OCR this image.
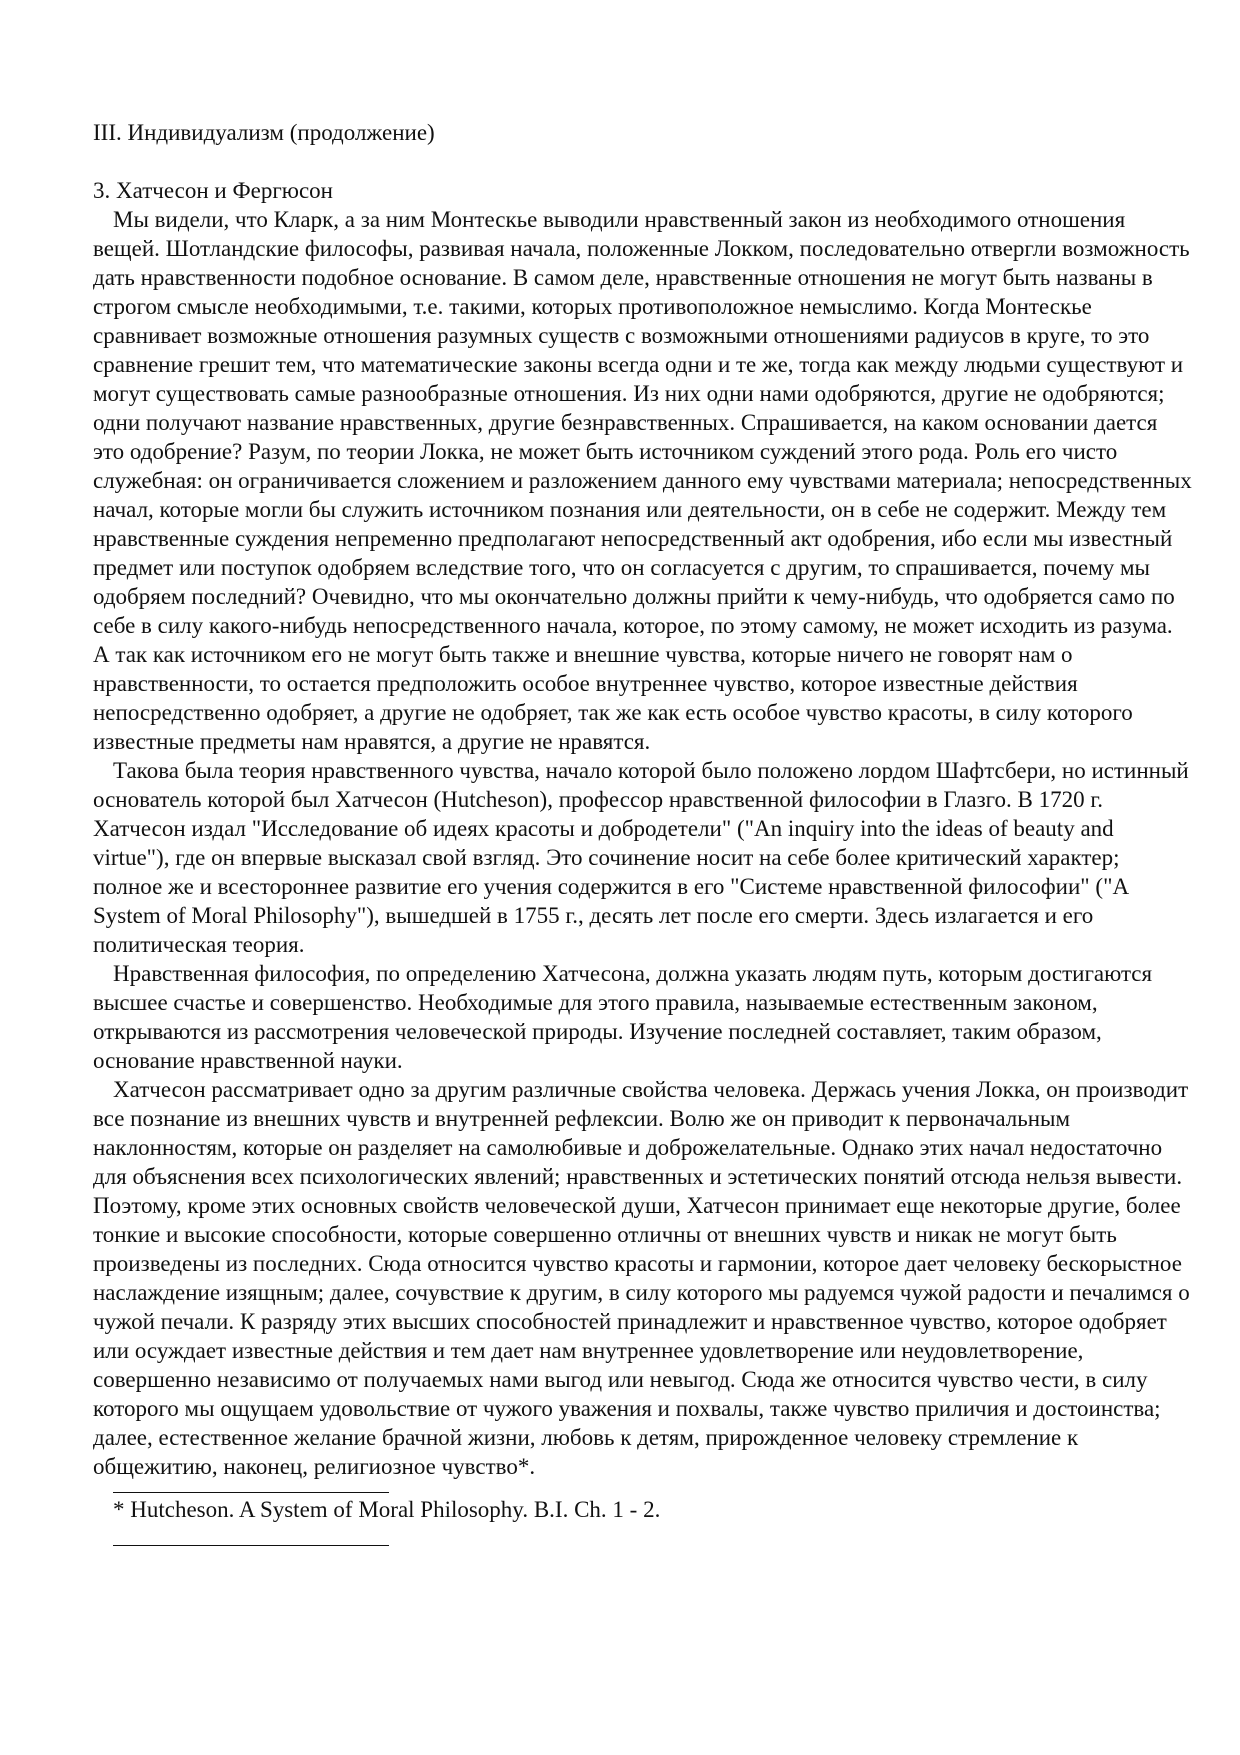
III. Индивидуализм (продолжение)
3. Хатчесон и Фергюсон

Мы видели, что Кларк, а за ним Монтескье выводили нравственный закон из необходимого отношения вещей. Шотландские философы, развивая начала, положенные Локком, последовательно отвергли возможность дать нравственности подобное основание. В самом деле, нравственные отношения не могут быть названы в строгом смысле необходимыми, т.е. такими, которых противоположное немыслимо. Когда Монтескье сравнивает возможные отношения разумных существ с возможными отношениями радиусов в круге, то это сравнение грешит тем, что математические законы всегда одни и те же, тогда как между людьми существуют и могут существовать самые разнообразные отношения. Из них одни нами одобряются, другие не одобряются; одни получают название нравственных, другие безнравственных. Спрашивается, на каком основании дается это одобрение? Разум, по теории Локка, не может быть источником суждений этого рода. Роль его чисто служебная: он ограничивается сложением и разложением данного ему чувствами материала; непосредственных начал, которые могли бы служить источником познания или деятельности, он в себе не содержит. Между тем нравственные суждения непременно предполагают непосредственный акт одобрения, ибо если мы известный предмет или поступок одобряем вследствие того, что он согласуется с другим, то спрашивается, почему мы одобряем последний? Очевидно, что мы окончательно должны прийти к чему-нибудь, что одобряется само по себе в силу какого-нибудь непосредственного начала, которое, по этому самому, не может исходить из разума. А так как источником его не могут быть также и внешние чувства, которые ничего не говорят нам о нравственности, то остается предположить особое внутреннее чувство, которое известные действия непосредственно одобряет, а другие не одобряет, так же как есть особое чувство красоты, в силу которого известные предметы нам нравятся, а другие не нравятся.

Такова была теория нравственного чувства, начало которой было положено лордом Шафтсбери, но истинный основатель которой был Хатчесон (Hutcheson), профессор нравственной философии в Глазго. В 1720 г. Хатчесон издал "Исследование об идеях красоты и добродетели" ("An inquiry into the ideas of beauty and virtue"), где он впервые высказал свой взгляд. Это сочинение носит на себе более критический характер; полное же и всестороннее развитие его учения содержится в его "Системе нравственной философии" ("A System of Moral Philosophy"), вышедшей в 1755 г., десять лет после его смерти. Здесь излагается и его политическая теория.

Нравственная философия, по определению Хатчесона, должна указать людям путь, которым достигаются высшее счастье и совершенство. Необходимые для этого правила, называемые естественным законом, открываются из рассмотрения человеческой природы. Изучение последней составляет, таким образом, основание нравственной науки.

Хатчесон рассматривает одно за другим различные свойства человека. Держась учения Локка, он производит все познание из внешних чувств и внутренней рефлексии. Волю же он приводит к первоначальным наклонностям, которые он разделяет на самолюбивые и доброжелательные. Однако этих начал недостаточно для объяснения всех психологических явлений; нравственных и эстетических понятий отсюда нельзя вывести. Поэтому, кроме этих основных свойств человеческой души, Хатчесон принимает еще некоторые другие, более тонкие и высокие способности, которые совершенно отличны от внешних чувств и никак не могут быть произведены из последних. Сюда относится чувство красоты и гармонии, которое дает человеку бескорыстное наслаждение изящным; далее, сочувствие к другим, в силу которого мы радуемся чужой радости и печалимся о чужой печали. К разряду этих высших способностей принадлежит и нравственное чувство, которое одобряет или осуждает известные действия и тем дает нам внутреннее удовлетворение или неудовлетворение, совершенно независимо от получаемых нами выгод или невыгод. Сюда же относится чувство чести, в силу которого мы ощущаем удовольствие от чужого уважения и похвалы, также чувство приличия и достоинства; далее, естественное желание брачной жизни, любовь к детям, прирожденное человеку стремление к общежитию, наконец, религиозное чувство*.

* Hutcheson. A System of Moral Philosophy. B.I. Ch. 1 - 2.
